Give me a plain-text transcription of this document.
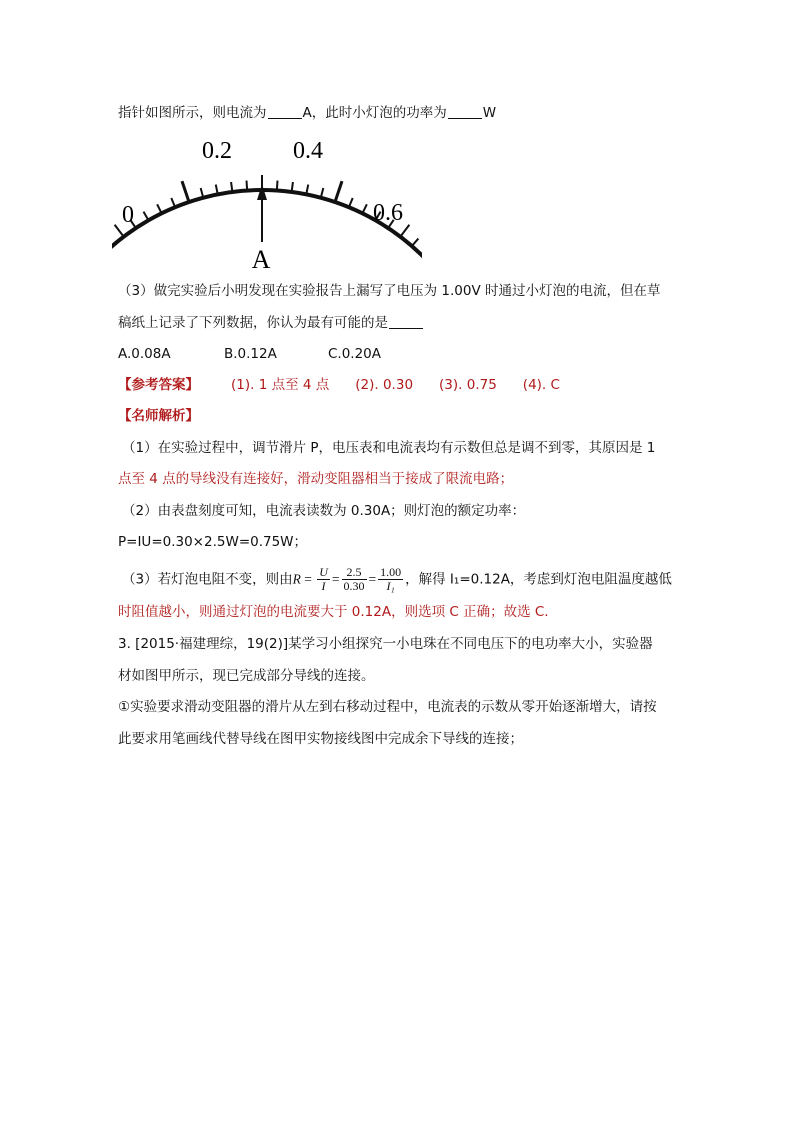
指针如图所示，则电流为	A，此时小灯泡的功率为	W
0
0.2	0.4
0.6
A
（3）做完实验后小明发现在实验报告上漏写了电压为 1.00V 时通过小灯泡的电流，但在草
稿纸上记录了下列数据，你认为最有可能的是
A.0.08A	B.0.12A	C.0.20A
【参考答案】 (1). 1 点至 4 点 (2). 0.30 (3). 0.75 (4). C
【名师解析】
（1）在实验过程中，调节滑片 P，电压表和电流表均有示数但总是调不到零，其原因是 1
点至 4 点的导线没有连接好，滑动变阻器相当于接成了限流电路；
（2）由表盘刻度可知，电流表读数为 0.30A；则灯泡的额定功率：
P=IU=0.30×2.5W=0.75W；
（3）若灯泡电阻不变，则由$R = \frac{U}{I} = \frac{2.5}{0.30} = \frac{1.00}{\text{I₁}}$ ，解得 I₁=0.12A，考虑到灯泡电阻温度越低
时阻值越小，则通过灯泡的电流要大于 0.12A，则选项 C 正确；故选 C.
3. [2015·福建理综，19(2)]某学习小组探究一小电珠在不同电压下的电功率大小，实验器
材如图甲所示，现已完成部分导线的连接。
①实验要求滑动变阻器的滑片从左到右移动过程中，电流表的示数从零开始逐渐增大，请按
此要求用笔画线代替导线在图甲实物接线图中完成余下导线的连接；
